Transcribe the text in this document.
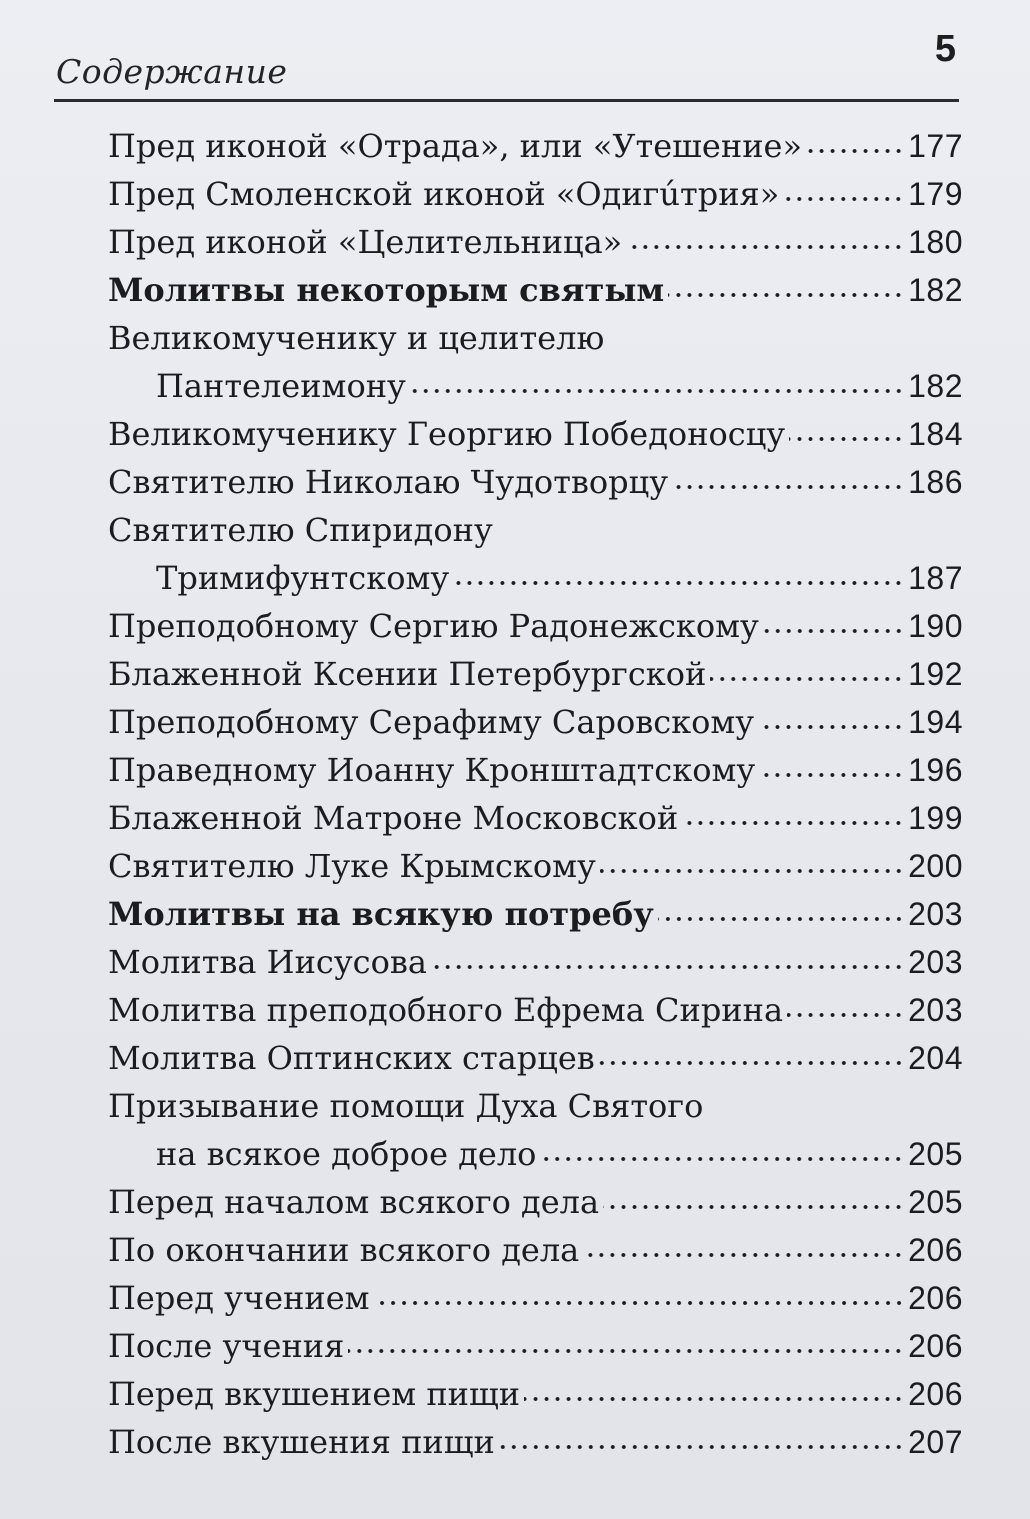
Содержание
5
Пред иконой «Отрада», или «Утешение»	177
Пред Смоленской иконой «Одигúтрия»	179
Пред иконой «Целительница»	180
Молитвы некоторым святым	182
Великомученику и целителю
Пантелеимону	182
Великомученику Георгию Победоносцу	184
Святителю Николаю Чудотворцу	186
Святителю Спиридону
Тримифунтскому	187
Преподобному Сергию Радонежскому	190
Блаженной Ксении Петербургской	192
Преподобному Серафиму Саровскому	194
Праведному Иоанну Кронштадтскому	196
Блаженной Матроне Московской	199
Святителю Луке Крымскому	200
Молитвы на всякую потребу	203
Молитва Иисусова	203
Молитва преподобного Ефрема Сирина	203
Молитва Оптинских старцев	204
Призывание помощи Духа Святого
на всякое доброе дело	205
Перед началом всякого дела	205
По окончании всякого дела	206
Перед учением	206
После учения	206
Перед вкушением пищи	206
После вкушения пищи	207
